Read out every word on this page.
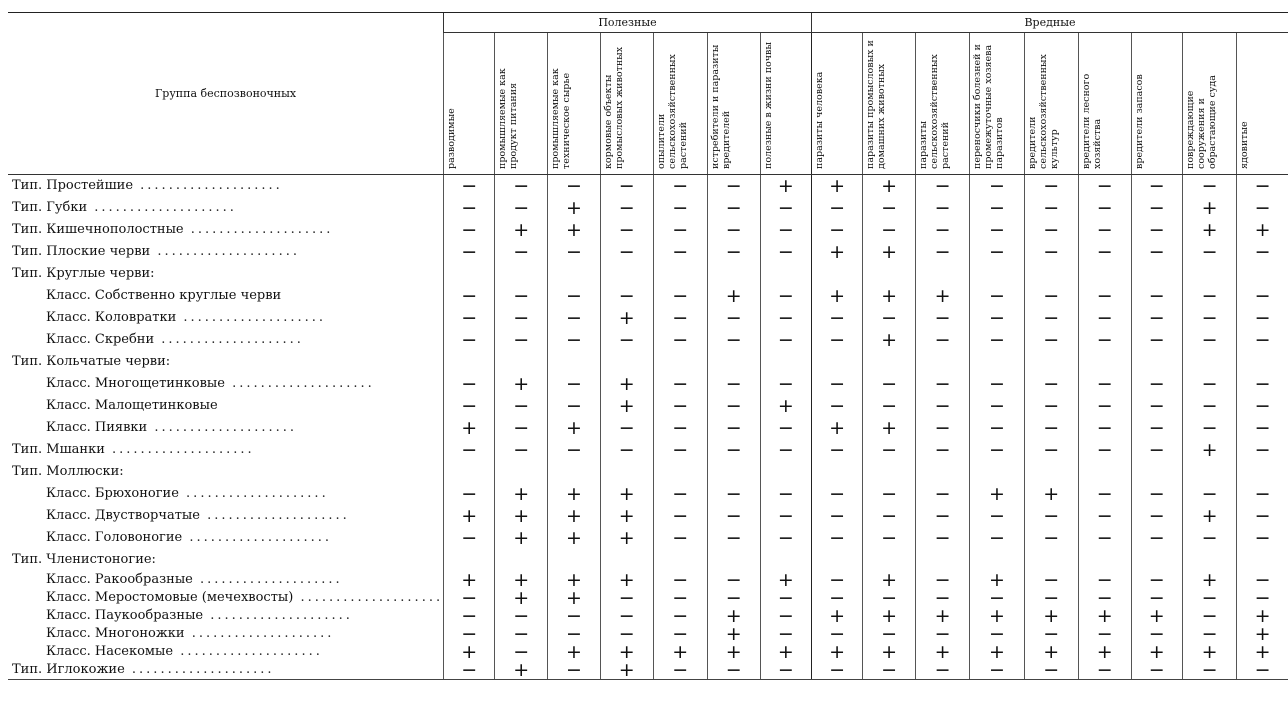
Группа беспозвоночных	Полезные							Вредные								

	разводимые	промышляемые как продукт питания	промышляемые как техническое сырье	кормовые объекты промысловых животных	опылители сельскохозяйственных растений	истребители и паразиты вредителей	полезные в жизни почвы	паразиты человека	паразиты промысловых и домашних животных	паразиты сельскохозяйственных растений	переносчики болезней и промежуточные хозяева паразитов	вредители сельскохозяйственных культур	вредители лесного хозяйства	вредители запасов	повреждающие сооружения и обрастающие суда	ядовитые

Тип. Простейшие ....................	−	−	−	−	−	−	+	+	+	−	−	−	−	−	−	−
Тип. Губки ....................	−	−	+	−	−	−	−	−	−	−	−	−	−	−	+	−
Тип. Кишечнополостные ....................	−	+	+	−	−	−	−	−	−	−	−	−	−	−	+	+
Тип. Плоские черви ....................	−	−	−	−	−	−	−	+	+	−	−	−	−	−	−	−
Тип. Круглые черви:																
Класс. Собственно круглые черви	−	−	−	−	−	+	−	+	+	+	−	−	−	−	−	−
Класс. Коловратки ....................	−	−	−	+	−	−	−	−	−	−	−	−	−	−	−	−
Класс. Скребни ....................	−	−	−	−	−	−	−	−	+	−	−	−	−	−	−	−
Тип. Кольчатые черви:																
Класс. Многощетинковые ....................	−	+	−	+	−	−	−	−	−	−	−	−	−	−	−	−
Класс. Малощетинковые	−	−	−	+	−	−	+	−	−	−	−	−	−	−	−	−
Класс. Пиявки ....................	+	−	+	−	−	−	−	+	+	−	−	−	−	−	−	−
Тип. Мшанки ....................	−	−	−	−	−	−	−	−	−	−	−	−	−	−	+	−
Тип. Моллюски:																
Класс. Брюхоногие ....................	−	+	+	+	−	−	−	−	−	−	+	+	−	−	−	−
Класс. Двустворчатые ....................	+	+	+	+	−	−	−	−	−	−	−	−	−	−	+	−
Класс. Головоногие ....................	−	+	+	+	−	−	−	−	−	−	−	−	−	−	−	−
Тип. Членистоногие:																
Класс. Ракообразные ....................	+	+	+	+	−	−	+	−	+	−	+	−	−	−	+	−
Класс. Меростомовые (мечехвосты) ....................	−	+	+	−	−	−	−	−	−	−	−	−	−	−	−	−
Класс. Паукообразные ....................	−	−	−	−	−	+	−	+	+	+	+	+	+	+	−	+
Класс. Многоножки ....................	−	−	−	−	−	+	−	−	−	−	−	−	−	−	−	+
Класс. Насекомые ....................	+	−	+	+	+	+	+	+	+	+	+	+	+	+	+	+
Тип. Иглокожие ....................	−	+	−	+	−	−	−	−	−	−	−	−	−	−	−	−
